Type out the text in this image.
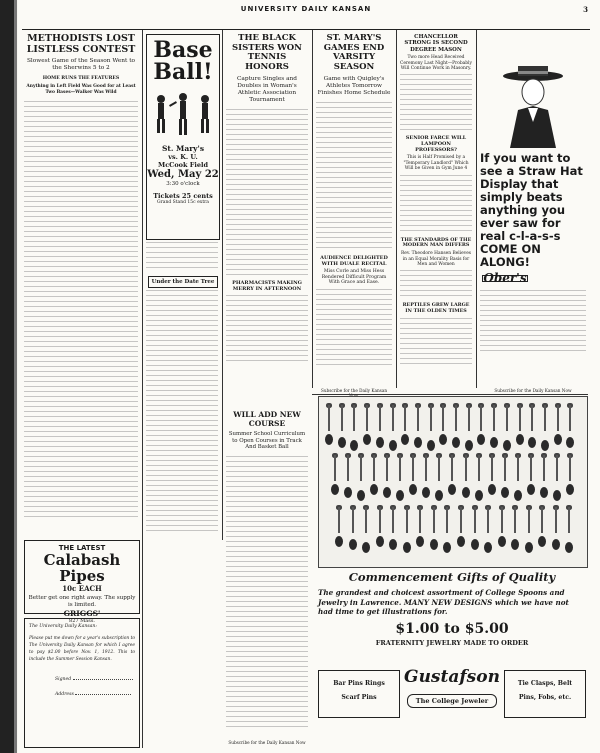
UNIVERSITY DAILY KANSAN	3
METHODISTS LOST LISTLESS CONTEST
Slowest Game of the Season Went to the Sherwins 5 to 2
HOME RUNS THE FEATURES
Anything in Left Field Was Good for at Least Two Bases—Walker Was Wild
THE LATEST
Calabash Pipes
10c EACH
Better get one right away. The supply is limited.
GRIGGS'
827 Mass.
The University Daily Kansan:
Please put me down for a year's subscription to The University Daily Kansan for which I agree to pay $2.00 before Nov. 1, 1912. This to include the Summer Session Kansan.
Signed
Address
Base
Ball!
St. Mary's
vs. K. U.
McCook Field
Wed, May 22
3:30 o'clock
Tickets 25 cents
Grand Stand 15c extra
Under the Date Tree
THE BLACK SISTERS WON TENNIS HONORS
Capture Singles and Doubles in Woman's Athletic Association Tournament
PHARMACISTS MAKING MERRY IN AFTERNOON
WILL ADD NEW COURSE
Summer School Curriculum to Open Courses in Track And Basket Ball
Subscribe for the Daily Kansan Now
ST. MARY'S GAMES END VARSITY SEASON
Game with Quigley's Athletes Tomorrow Finishes Home Schedule
AUDIENCE DELIGHTED WITH DUALE RECITAL
Miss Corle and Miss Hess Rendered Difficult Program With Grace and Ease.
Subscribe for the Daily Kansan
CHANCELLOR STRONG IS SECOND DEGREE MASON
Two more Head Received Ceremony Last Night—Probably Will Continue Work in Masonry.
SENIOR FARCE WILL LAMPOON PROFESSORS?
This is Half Promised by a "Temporary Landlord" Which Will be Given in Gym June 4
THE STANDARDS OF THE MODERN MAN DIFFERS
Rev. Theodore Hansen Believes in an Equal Morality Basis for Men and Women
REPTILES GREW LARGE IN THE OLDEN TIMES
If you want to see a Straw Hat Display that simply beats anything you ever saw for real c-l-a-s-s COME ON ALONG!
Ober's
Subscribe for the Daily Kansan Now
Commencement Gifts of Quality
The grandest and choicest assortment of College Spoons and Jewelry in Lawrence. MANY NEW DESIGNS which we have not had time to get illustrations for.
$1.00 to $5.00
FRATERNITY JEWELRY MADE TO ORDER
Bar Pins Rings
Scarf Pins
Gustafson
The College Jeweler
Tie Clasps, Belt
Pins, Fobs, etc.
